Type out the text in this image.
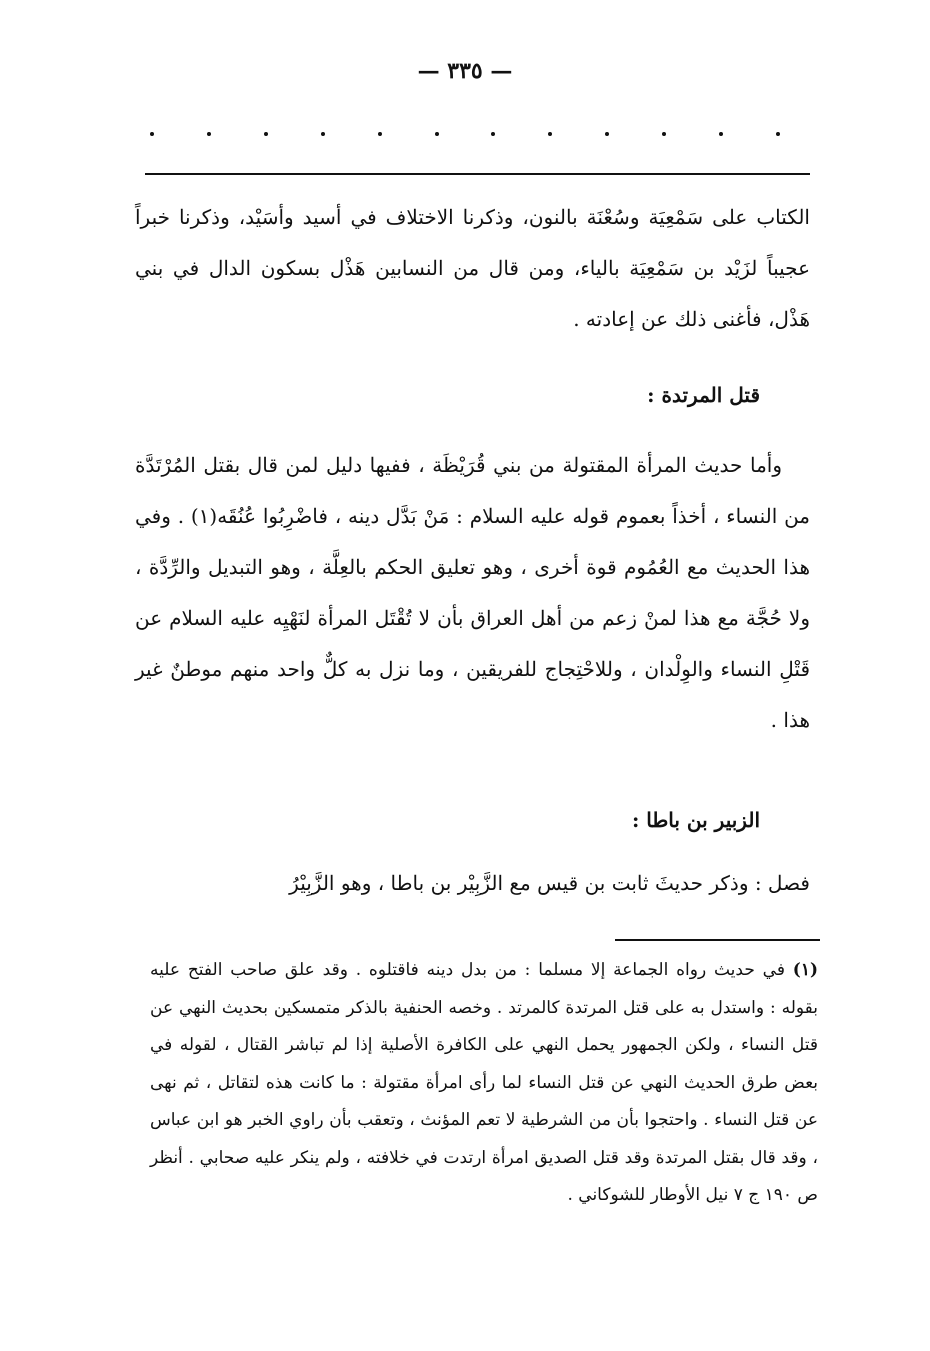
— ٣٣٥ —
الكتاب على سَمْعِيَة وسُعْنَة بالنون، وذكرنا الاختلاف في أسيد وأسَيْد، وذكرنا خبراً عجيباً لزَيْد بن سَمْعِيَة بالياء، ومن قال من النسابين هَذْل بسكون الدال في بني هَذْل، فأغنى ذلك عن إعادته .
قتل المرتدة :
وأما حديث المرأة المقتولة من بني قُرَيْظَة ، ففيها دليل لمن قال بقتل المُرْتَدَّة من النساء ، أخذاً بعموم قوله عليه السلام : مَنْ بَدَّل دينه ، فاضْرِبُوا عُنُقَه(١) . وفي هذا الحديث مع العُمُوم قوة أخرى ، وهو تعليق الحكم بالعِلَّة ، وهو التبديل والرِّدَّة ، ولا حُجَّة مع هذا لمنْ زعم من أهل العراق بأن لا تُقْتَل المرأة لنَهْيِه عليه السلام عن قَتْلِ النساء والوِلْدان ، وللاحْتِجاج للفريقين ، وما نزل به كلٌّ واحد منهم موطنٌ غير هذا .
الزبير بن باطا :
فصل : وذكر حديثَ ثابت بن قيس مع الزَّبِيْر بن باطا ، وهو الزَّبِيْرُ
(١) في حديث رواه الجماعة إلا مسلما : من بدل دينه فاقتلوه . وقد علق صاحب الفتح عليه بقوله : واستدل به على قتل المرتدة كالمرتد . وخصه الحنفية بالذكر متمسكين بحديث النهي عن قتل النساء ، ولكن الجمهور يحمل النهي على الكافرة الأصلية إذا لم تباشر القتال ، لقوله في بعض طرق الحديث النهي عن قتل النساء لما رأى امرأة مقتولة : ما كانت هذه لتقاتل ، ثم نهى عن قتل النساء . واحتجوا بأن من الشرطية لا تعم المؤنث ، وتعقب بأن راوي الخبر هو ابن عباس ، وقد قال بقتل المرتدة وقد قتل الصديق امرأة ارتدت في خلافته ، ولم ينكر عليه صحابي . أنظر ص ١٩٠ ج ٧ نيل الأوطار للشوكاني .
